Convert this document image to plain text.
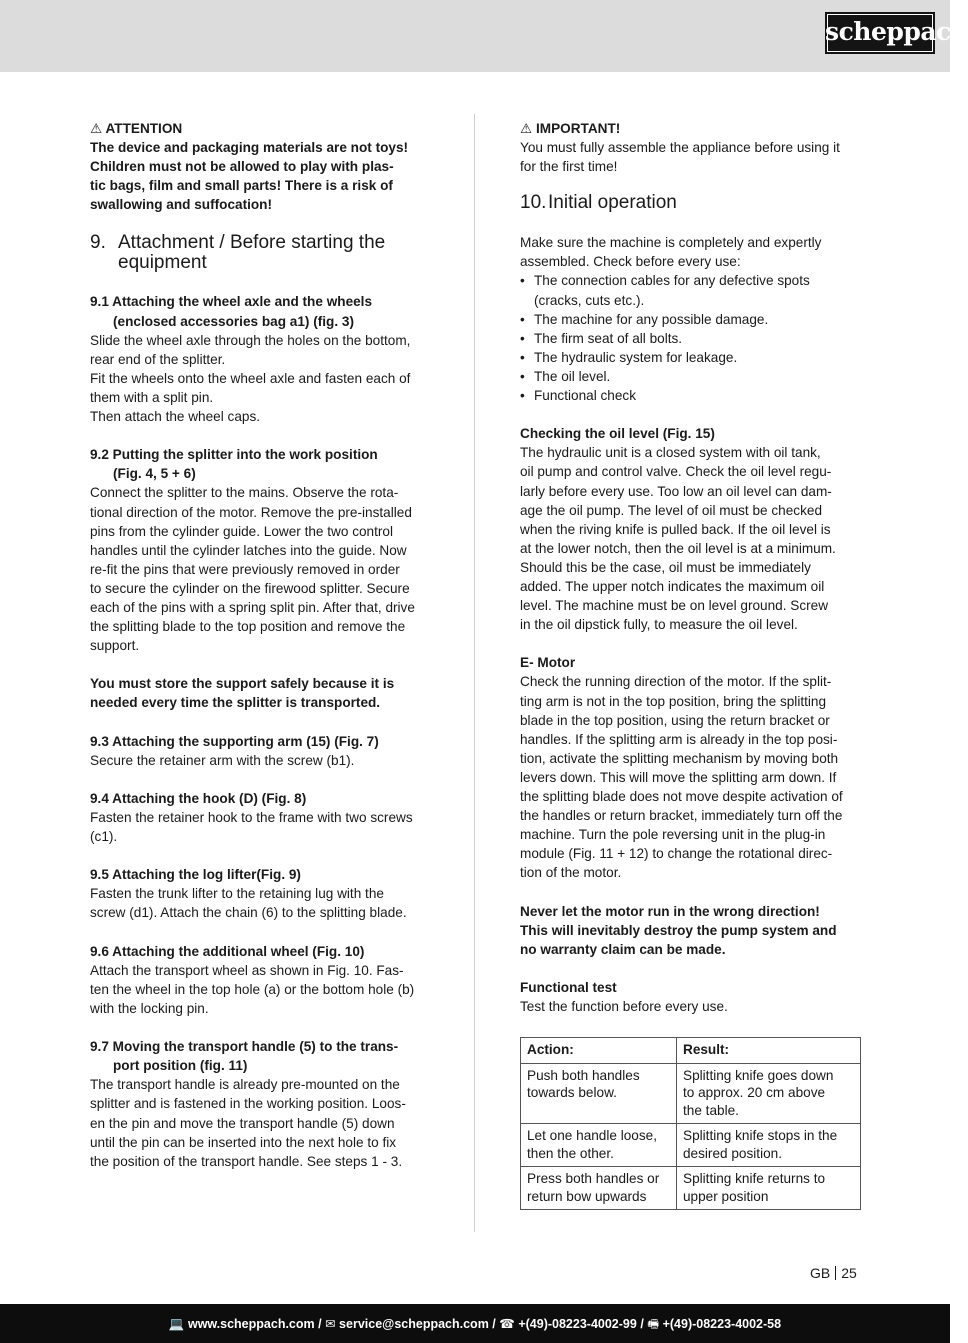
scheppach

⚠ ATTENTION

The device and packaging materials are not toys!

Children must not be allowed to play with plas-

tic bags, film and small parts! There is a risk of

swallowing and suffocation!

9. Attachment / Before starting the
equipment

9.1 Attaching the wheel axle and the wheels

(enclosed accessories bag a1) (fig. 3)

Slide the wheel axle through the holes on the bottom,

rear end of the splitter.

Fit the wheels onto the wheel axle and fasten each of

them with a split pin.

Then attach the wheel caps.

9.2 Putting the splitter into the work position

(Fig. 4, 5 + 6)

Connect the splitter to the mains. Observe the rota-

tional direction of the motor. Remove the pre-installed

pins from the cylinder guide. Lower the two control

handles until the cylinder latches into the guide. Now

re-fit the pins that were previously removed in order

to secure the cylinder on the firewood splitter. Secure

each of the pins with a spring split pin. After that, drive

the splitting blade to the top position and remove the

support.

You must store the support safely because it is

needed every time the splitter is transported.

9.3 Attaching the supporting arm (15) (Fig. 7)

Secure the retainer arm with the screw (b1).

9.4 Attaching the hook (D) (Fig. 8)

Fasten the retainer hook to the frame with two screws

(c1).

9.5 Attaching the log lifter(Fig. 9)

Fasten the trunk lifter to the retaining lug with the

screw (d1). Attach the chain (6) to the splitting blade.

9.6 Attaching the additional wheel (Fig. 10)

Attach the transport wheel as shown in Fig. 10. Fas-

ten the wheel in the top hole (a) or the bottom hole (b)

with the locking pin.

9.7 Moving the transport handle (5) to the trans-

port position (fig. 11)

The transport handle is already pre-mounted on the

splitter and is fastened in the working position. Loos-

en the pin and move the transport handle (5) down

until the pin can be inserted into the next hole to fix

the position of the transport handle. See steps 1 - 3.

⚠ IMPORTANT!

You must fully assemble the appliance before using it

for the first time!

10. Initial operation

Make sure the machine is completely and expertly

assembled. Check before every use:

• The connection cables for any defective spots
(cracks, cuts etc.).
• The machine for any possible damage.
• The firm seat of all bolts.
• The hydraulic system for leakage.
• The oil level.
• Functional check

Checking the oil level (Fig. 15)

The hydraulic unit is a closed system with oil tank,

oil pump and control valve. Check the oil level regu-

larly before every use. Too low an oil level can dam-

age the oil pump. The level of oil must be checked

when the riving knife is pulled back. If the oil level is

at the lower notch, then the oil level is at a minimum.

Should this be the case, oil must be immediately

added. The upper notch indicates the maximum oil

level. The machine must be on level ground. Screw

in the oil dipstick fully, to measure the oil level.

E- Motor

Check the running direction of the motor. If the split-

ting arm is not in the top position, bring the splitting

blade in the top position, using the return bracket or

handles. If the splitting arm is already in the top posi-

tion, activate the splitting mechanism by moving both

levers down. This will move the splitting arm down. If

the splitting blade does not move despite activation of

the handles or return bracket, immediately turn off the

machine. Turn the pole reversing unit in the plug-in

module (Fig. 11 + 12) to change the rotational direc-

tion of the motor.

Never let the motor run in the wrong direction!

This will inevitably destroy the pump system and

no warranty claim can be made.

Functional test

Test the function before every use.

Action:	Result:
Push both handles
towards below.	Splitting knife goes down
to approx. 20 cm above
the table.
Let one handle loose,
then the other.	Splitting knife stops in the
desired position.
Press both handles or
return bow upwards	Splitting knife returns to
upper position
GB 25
💻 www.scheppach.com / ✉ service@scheppach.com / ☎ +(49)-08223-4002-99 / 🖷 +(49)-08223-4002-58
